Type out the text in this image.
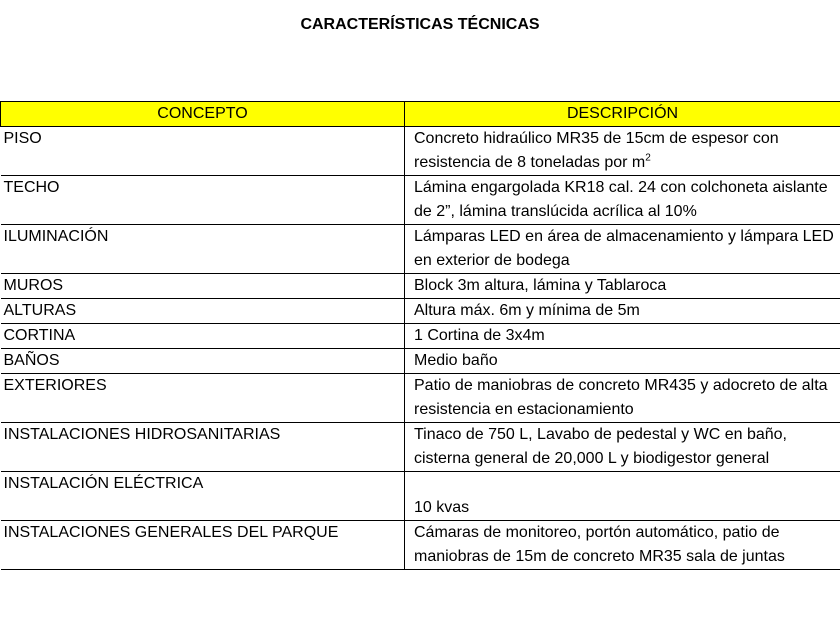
CARACTERÍSTICAS TÉCNICAS
CONCEPTO	DESCRIPCIÓN
PISO	Concreto hidraúlico MR35 de 15cm de espesor con resistencia de 8 toneladas por $m^2$
TECHO	Lámina engargolada KR18 cal. 24 con colchoneta aislante de 2”, lámina translúcida acrílica al 10%
ILUMINACIÓN	Lámparas LED en área de almacenamiento y lámpara LED en exterior de bodega
MUROS	Block 3m altura, lámina y Tablaroca
ALTURAS	Altura máx. 6m y mínima de 5m
CORTINA	1 Cortina de 3x4m
BAÑOS	Medio baño
EXTERIORES	Patio de maniobras de concreto MR435 y adocreto de alta resistencia en estacionamiento
INSTALACIONES HIDROSANITARIAS	Tinaco de 750 L, Lavabo de pedestal y WC en baño, cisterna general de 20,000 L y biodigestor general
INSTALACIÓN ELÉCTRICA	10 kvas
INSTALACIONES GENERALES DEL PARQUE	Cámaras de monitoreo, portón automático, patio de maniobras de 15m de concreto MR35 sala de juntas
